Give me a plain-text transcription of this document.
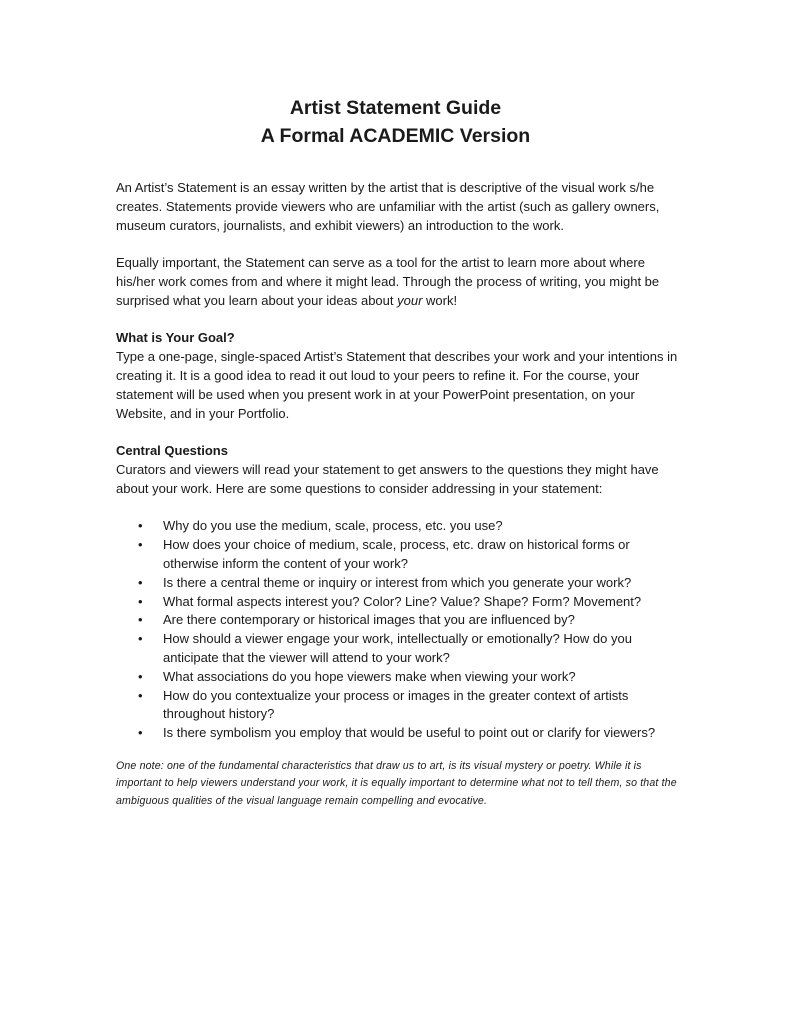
Artist Statement Guide
A Formal ACADEMIC Version

An Artist’s Statement is an essay written by the artist that is descriptive of the visual work s/he creates. Statements provide viewers who are unfamiliar with the artist (such as gallery owners, museum curators, journalists, and exhibit viewers) an introduction to the work.

Equally important, the Statement can serve as a tool for the artist to learn more about where his/her work comes from and where it might lead. Through the process of writing, you might be surprised what you learn about your ideas about your work!

What is Your Goal?

Type a one-page, single-spaced Artist’s Statement that describes your work and your intentions in creating it. It is a good idea to read it out loud to your peers to refine it. For the course, your statement will be used when you present work in at your PowerPoint presentation, on your Website, and in your Portfolio.

Central Questions

Curators and viewers will read your statement to get answers to the questions they might have about your work. Here are some questions to consider addressing in your statement:

• Why do you use the medium, scale, process, etc. you use?
• How does your choice of medium, scale, process, etc. draw on historical forms or otherwise inform the content of your work?
• Is there a central theme or inquiry or interest from which you generate your work?
• What formal aspects interest you? Color? Line? Value? Shape? Form? Movement?
• Are there contemporary or historical images that you are influenced by?
• How should a viewer engage your work, intellectually or emotionally? How do you anticipate that the viewer will attend to your work?
• What associations do you hope viewers make when viewing your work?
• How do you contextualize your process or images in the greater context of artists throughout history?
• Is there symbolism you employ that would be useful to point out or clarify for viewers?

One note: one of the fundamental characteristics that draw us to art, is its visual mystery or poetry. While it is important to help viewers understand your work, it is equally important to determine what not to tell them, so that the ambiguous qualities of the visual language remain compelling and evocative.
